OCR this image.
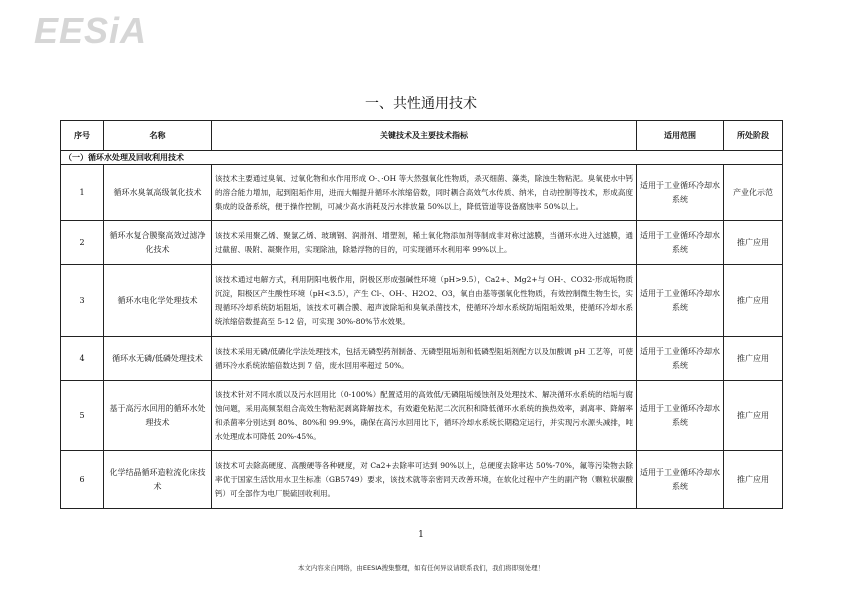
EESiA
一、共性通用技术
序号	名称	关键技术及主要技术指标	适用范围	所处阶段
（一）循环水处理及回收利用技术				
1	循环水臭氧高级氧化技术	该技术主要通过臭氧、过氧化物和水作用形成 O·、·OH 等大然强氧化性物质，杀灭细菌、藻类，除浊生物粘泥。臭氧使水中钙的溶合能力增加，起到阻垢作用，进而大幅提升循环水浓缩倍数，同时耦合高效气水传质、纳米，自动控制等技术，形成高度集成的设备系统，便于操作控制，可减少高水消耗及污水排放量 50%以上，降低管道等设备腐蚀率 50%以上。	适用于工业循环冷却水系统	产业化示范
2	循环水复合膜聚高效过滤净化技术	该技术采用聚乙烯、聚氯乙烯、玻璃钢、润滑剂、增塑剂，稀土氧化物添加剂等制成非对称过滤膜，当循环水进入过滤膜，通过截留、吸附、凝聚作用，实现除油，除悬浮物的目的，可实现循环水利用率 99%以上。	适用于工业循环冷却水系统	推广应用
3	循环水电化学处理技术	该技术通过电解方式，利用阴阳电极作用，阴极区形成强碱性环境（pH>9.5），Ca2+、Mg2+与 OH-、CO32-形成垢物质沉淀，阳极区产生酸性环境（pH<3.5），产生 Cl-、OH-、H2O2、O3，氧自由基等强氧化性物质，有效控制微生物生长，实现循环冷却系统防垢阻垢，该技术可耦合膜、超声波除垢和臭氧杀菌技术，使循环冷却水系统防垢阻垢效果，使循环冷却水系统浓缩倍数提高至 5-12 倍，可实现 30%-80%节水效果。	适用于工业循环冷却水系统	推广应用
4	循环水无磷/低磷处理技术	该技术采用无磷/低磷化学法处理技术，包括无磷型药剂制备、无磷型阻垢剂和低磷型阻垢剂配方以及加酸调 pH 工艺等，可使循环冷水系统浓缩倍数达到 7 倍，废水回用率超过 50%。	适用于工业循环冷却水系统	推广应用
5	基于高污水回用的循环水处理技术	该技术针对不同水质以及污水回用比（0-100%）配置适用的高效低/无磷阻垢缓蚀剂及处理技术、解决循环水系统的结垢与腐蚀问题，采用高频泵组合高效生物粘泥剥离降解技术，有效避免粘泥二次沉积和降低循环水系统的换热效率，剥离率、降解率和杀菌率分别达到 80%、80%和 99.9%，确保在高污水回用比下，循环冷却水系统长期稳定运行，并实现污水源头减排，吨水处理成本可降低 20%-45%。	适用于工业循环冷却水系统	推广应用
6	化学结晶循环造粒流化床技术	该技术可去除高硬度、高酸硬等各种硬度，对 Ca2+去除率可达到 90%以上，总硬度去除率达 50%-70%，氟等污染物去除率优于国家生活饮用水卫生标准（GB5749）要求，该技术就等亲密同天改善环境，在软化过程中产生的副产物（颗粒状碳酸钙）可全部作为电厂脱硫回收利用。	适用于工业循环冷却水系统	推广应用
1
本文内容来自网络，由EESIA搜集整理，如有任何异议请联系我们，我们将即刻处理！
